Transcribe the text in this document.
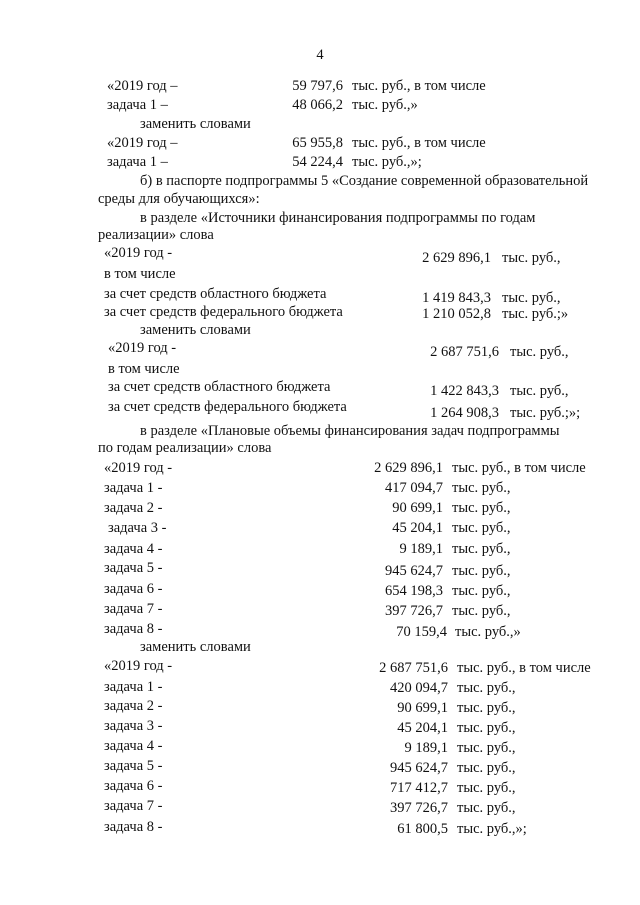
4
«2019 год –	59 797,6 тыс. руб., в том числе
задача 1 –	48 066,2 тыс. руб.,»
заменить словами
«2019 год –	65 955,8 тыс. руб., в том числе
задача 1 –	54 224,4 тыс. руб.,»;
б) в паспорте подпрограммы 5 «Создание современной образовательной
среды для обучающихся»:
в разделе «Источники финансирования подпрограммы по годам
реализации» слова
«2019 год -	2 629 896,1 тыс. руб.,
в том числе
за счет средств областного бюджета	1 419 843,3 тыс. руб.,
за счет средств федерального бюджета	1 210 052,8 тыс. руб.;»
заменить словами
«2019 год -	2 687 751,6 тыс. руб.,
в том числе
за счет средств областного бюджета	1 422 843,3 тыс. руб.,
за счет средств федерального бюджета	1 264 908,3 тыс. руб.;»;
в разделе «Плановые объемы финансирования задач подпрограммы
по годам реализации» слова
«2019 год -	2 629 896,1 тыс. руб., в том числе
задача 1 -	417 094,7 тыс. руб.,
задача 2 -	90 699,1 тыс. руб.,
задача 3 -	45 204,1 тыс. руб.,
задача 4 -	9 189,1 тыс. руб.,
задача 5 -	945 624,7 тыс. руб.,
задача 6 -	654 198,3 тыс. руб.,
задача 7 -	397 726,7 тыс. руб.,
задача 8 -	70 159,4 тыс. руб.,»
заменить словами
«2019 год -	2 687 751,6 тыс. руб., в том числе
задача 1 -	420 094,7 тыс. руб.,
задача 2 -	90 699,1 тыс. руб.,
задача 3 -	45 204,1 тыс. руб.,
задача 4 -	9 189,1 тыс. руб.,
задача 5 -	945 624,7 тыс. руб.,
задача 6 -	717 412,7 тыс. руб.,
задача 7 -	397 726,7 тыс. руб.,
задача 8 -	61 800,5 тыс. руб.,»;
